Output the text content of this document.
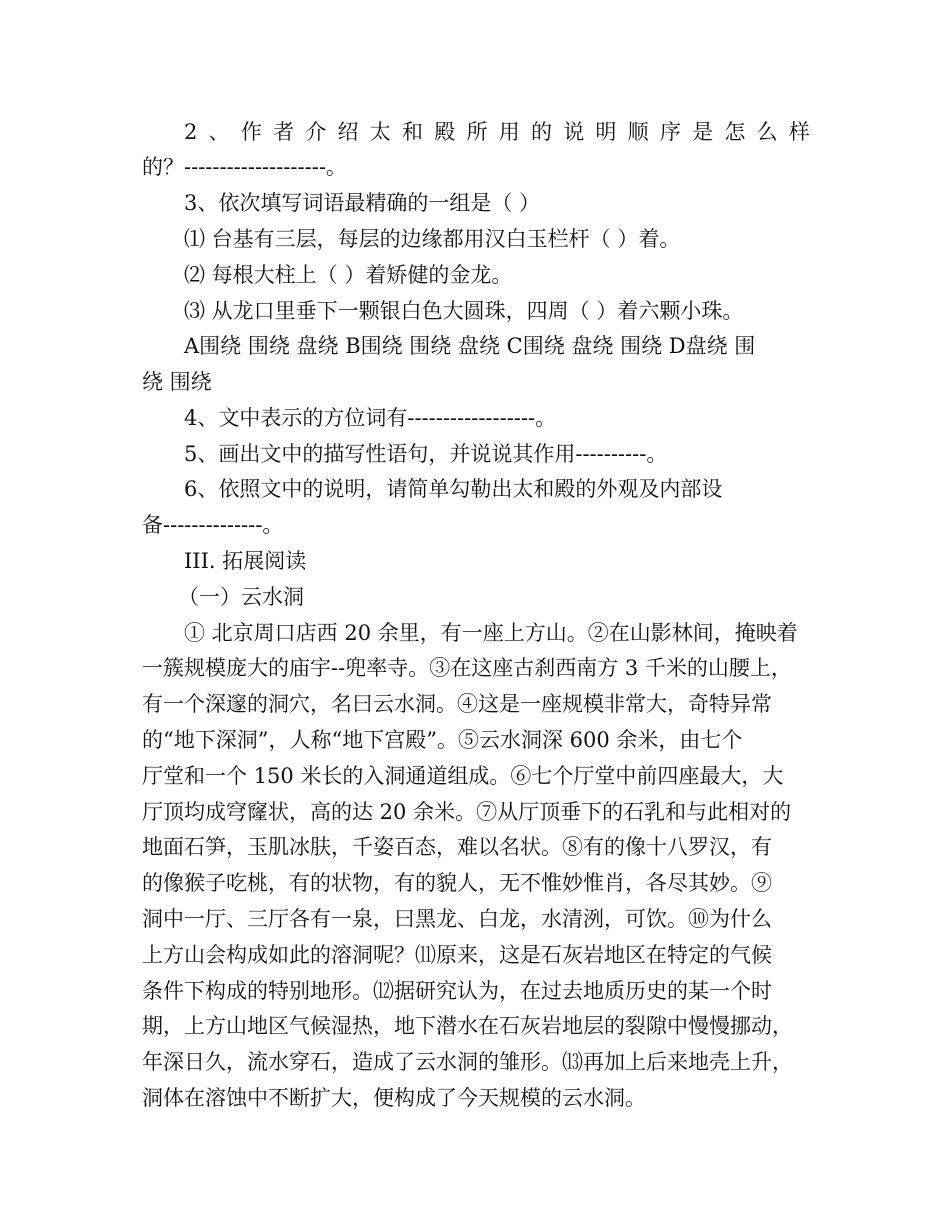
2 、 作 者 介 绍 太 和 殿 所 用 的 说 明 顺 序 是 怎 么 样
的？--------------------。
3、依次填写词语最精确的一组是（ ）
⑴ 台基有三层，每层的边缘都用汉白玉栏杆（ ）着。
⑵ 每根大柱上（ ）着矫健的金龙。
⑶ 从龙口里垂下一颗银白色大圆珠，四周（ ）着六颗小珠。
A围绕 围绕 盘绕 B围绕 围绕 盘绕 C围绕 盘绕 围绕 D盘绕 围
绕 围绕
4、文中表示的方位词有------------------。
5、画出文中的描写性语句，并说说其作用----------。
6、依照文中的说明，请简单勾勒出太和殿的外观及内部设
备--------------。
III. 拓展阅读
（一）云水洞
① 北京周口店西 20 余里，有一座上方山。②在山影林间，掩映着
一簇规模庞大的庙宇--兜率寺。③在这座古刹西南方 3 千米的山腰上，
有一个深邃的洞穴，名曰云水洞。④这是一座规模非常大，奇特异常
的“地下深洞”，人称“地下宫殿”。⑤云水洞深 600 余米，由七个
厅堂和一个 150 米长的入洞通道组成。⑥七个厅堂中前四座最大，大
厅顶均成穹窿状，高的达 20 余米。⑦从厅顶垂下的石乳和与此相对的
地面石笋，玉肌冰肤，千姿百态，难以名状。⑧有的像十八罗汉，有
的像猴子吃桃，有的状物，有的貌人，无不惟妙惟肖，各尽其妙。⑨
洞中一厅、三厅各有一泉，曰黑龙、白龙，水清洌，可饮。⑩为什么
上方山会构成如此的溶洞呢？⑾原来，这是石灰岩地区在特定的气候
条件下构成的特别地形。⑿据研究认为，在过去地质历史的某一个时
期，上方山地区气候湿热，地下潜水在石灰岩地层的裂隙中慢慢挪动，
年深日久，流水穿石，造成了云水洞的雏形。⒀再加上后来地壳上升，
洞体在溶蚀中不断扩大，便构成了今天规模的云水洞。
